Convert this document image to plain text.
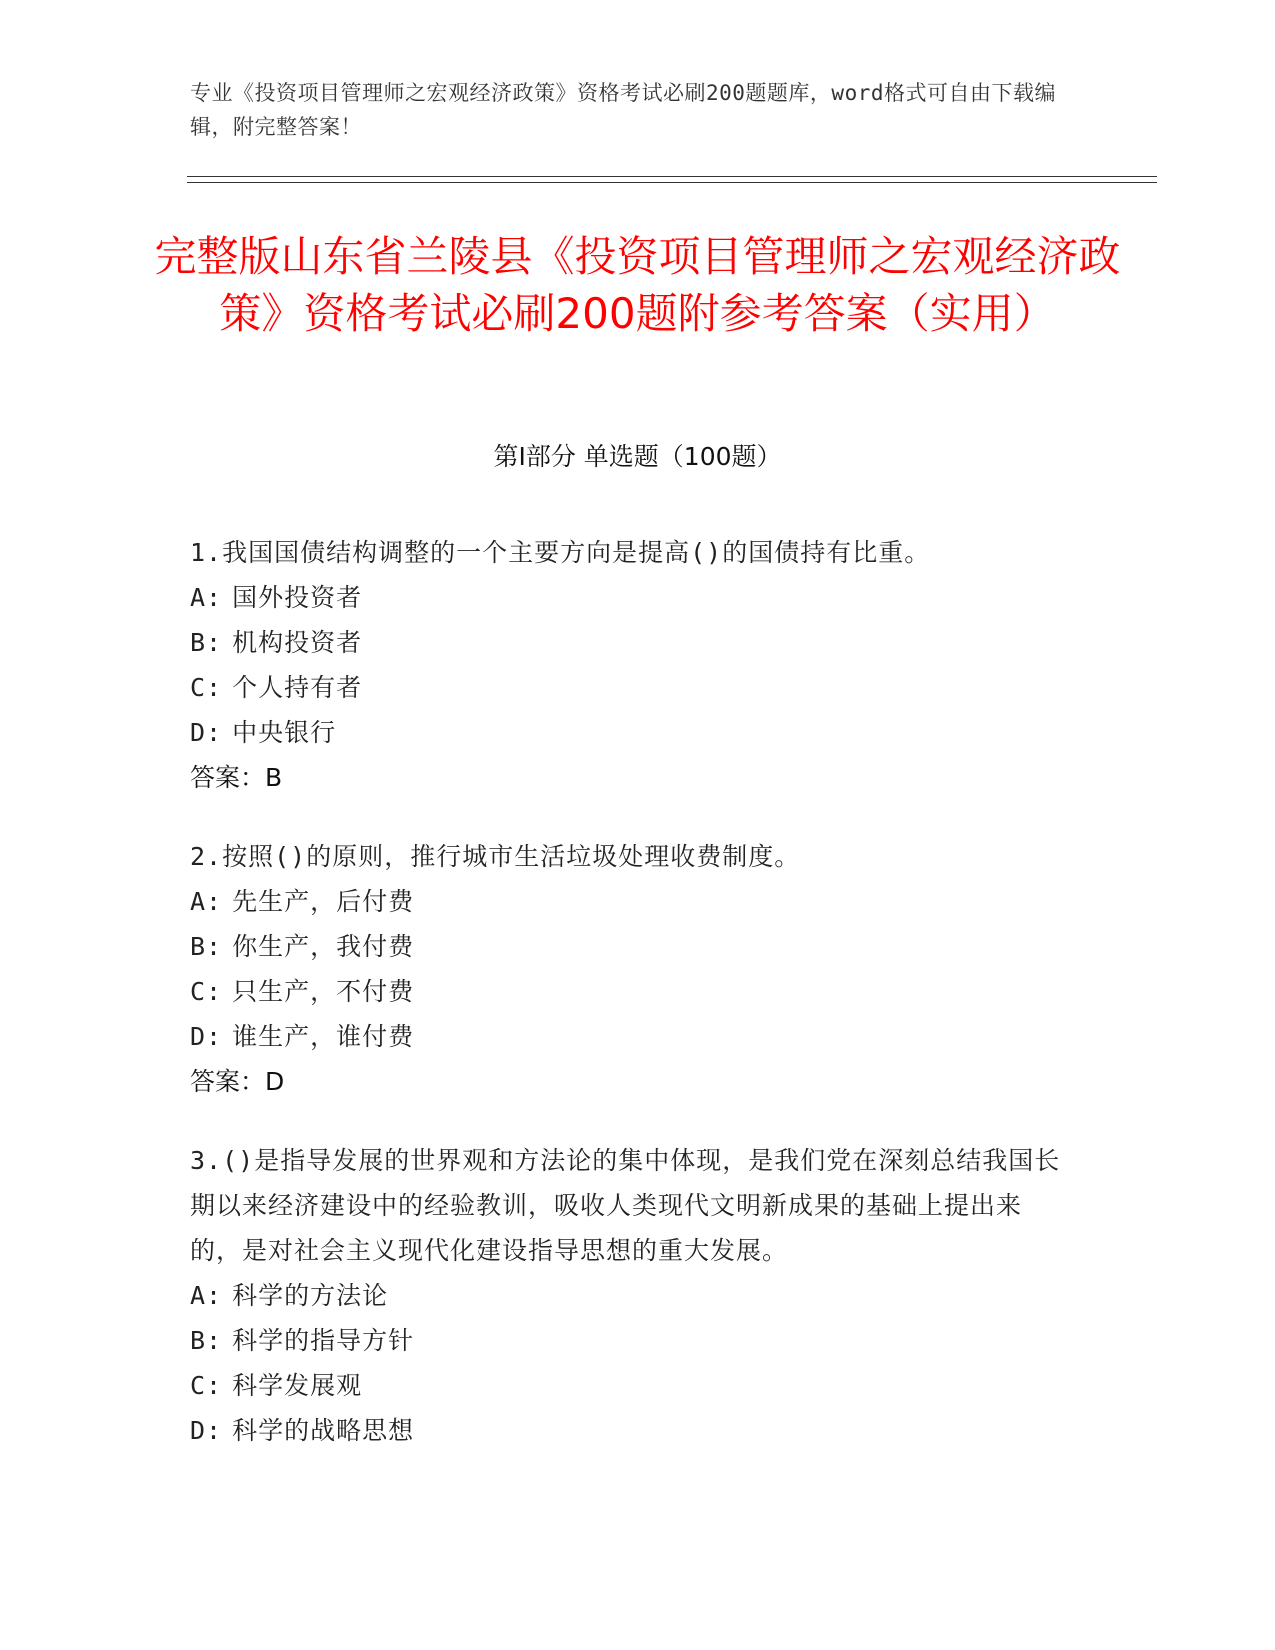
专业《投资项目管理师之宏观经济政策》资格考试必刷200题题库，word格式可自由下载编辑，附完整答案！
完整版山东省兰陵县《投资项目管理师之宏观经济政策》资格考试必刷200题附参考答案（实用）
第I部分 单选题（100题）
1.我国国债结构调整的一个主要方向是提高()的国债持有比重。
A: 国外投资者
B: 机构投资者
C: 个人持有者
D: 中央银行
答案：B
2.按照()的原则，推行城市生活垃圾处理收费制度。
A: 先生产，后付费
B: 你生产，我付费
C: 只生产，不付费
D: 谁生产，谁付费
答案：D
3.()是指导发展的世界观和方法论的集中体现，是我们党在深刻总结我国长期以来经济建设中的经验教训，吸收人类现代文明新成果的基础上提出来的，是对社会主义现代化建设指导思想的重大发展。
A: 科学的方法论
B: 科学的指导方针
C: 科学发展观
D: 科学的战略思想
